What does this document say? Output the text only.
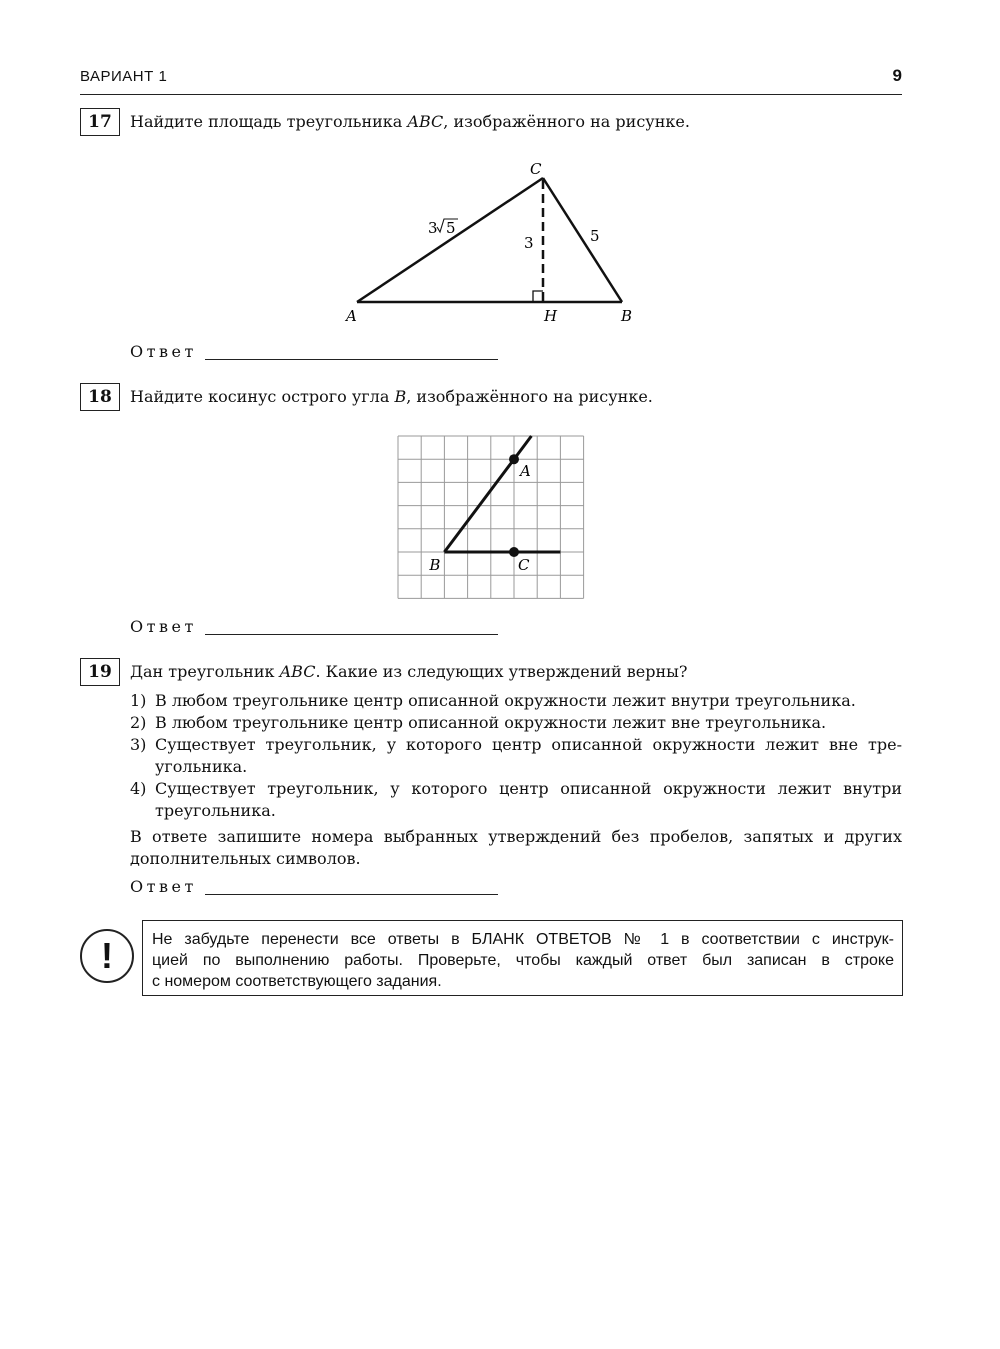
ВАРИАНТ 1	9
17	Найдите площадь треугольника ABC, изображённого на рисунке.
C
A	H	B
3 5	5
3
Ответ
18	Найдите косинус острого угла B, изображённого на рисунке.
A
B	C
Ответ
19	Дан треугольник ABC. Какие из следующих утверждений верны?
1) В любом треугольнике центр описанной окружности лежит внутри треугольника.
2) В любом треугольнике центр описанной окружности лежит вне треугольника.
3) Существует треугольник, у которого центр описанной окружности лежит вне тре-
угольника.
4) Существует треугольник, у которого центр описанной окружности лежит внутри
треугольника.
В ответе запишите номера выбранных утверждений без пробелов, запятых и других
дополнительных символов.
Ответ
!	Не забудьте перенести все ответы в БЛАНК ОТВЕТОВ № 1 в соответствии с инструк-
цией по выполнению работы. Проверьте, чтобы каждый ответ был записан в строке
с номером соответствующего задания.
